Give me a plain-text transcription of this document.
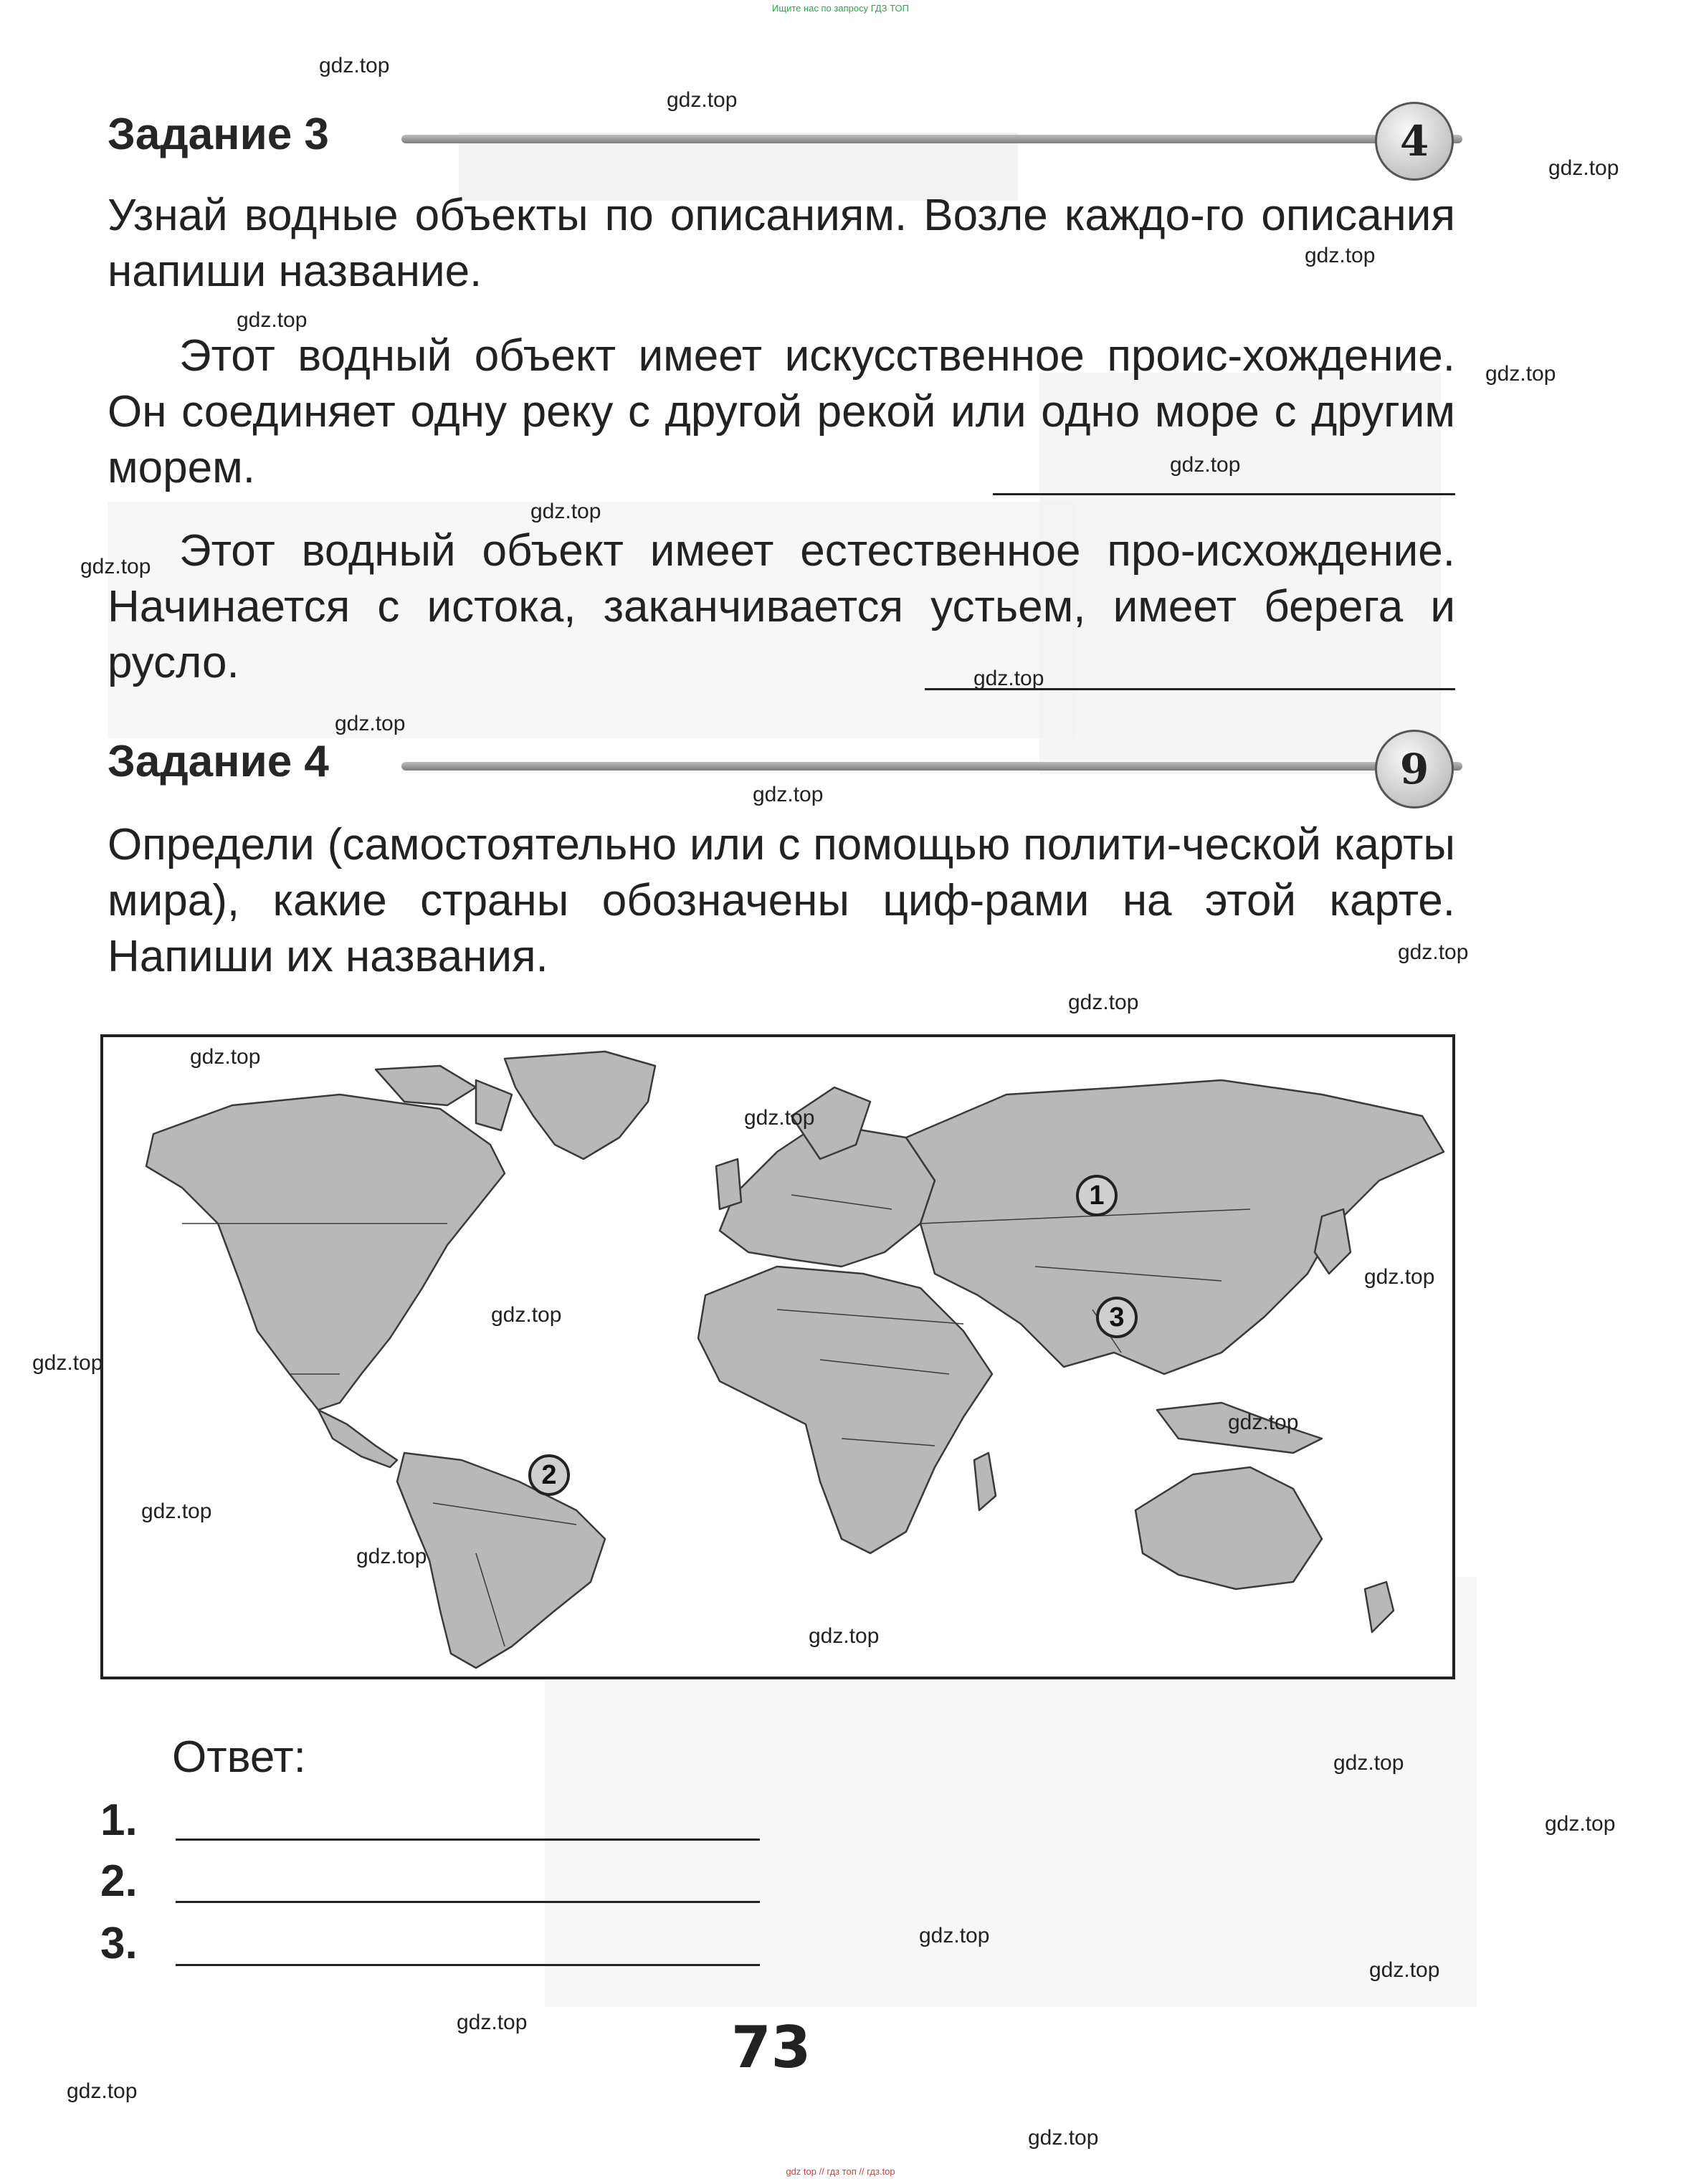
Ищите нас по запросу ГДЗ ТОП
Задание 3	4
Узнай водные объекты по описаниям. Возле каждо-го описания напиши название.
Этот водный объект имеет искусственное проис-хождение. Он соединяет одну реку с другой рекой или одно море с другим морем.
Этот водный объект имеет естественное про-исхождение. Начинается с истока, заканчивается устьем, имеет берега и русло.
Задание 4	9
Определи (самостоятельно или с помощью полити-ческой карты мира), какие страны обозначены циф-рами на этой карте. Напиши их названия.
1
2
3
Ответ:
1.
2.
3.
73
gdz.top
gdz.top
gdz.top
gdz.top
gdz.top
gdz.top
gdz.top
gdz.top
gdz.top
gdz.top
gdz.top
gdz.top
gdz.top
gdz.top
gdz.top
gdz.top
gdz.top
gdz.top
gdz.top
gdz.top
gdz.top
gdz.top
gdz.top
gdz.top
gdz.top
gdz.top
gdz.top
gdz.top
gdz.top
gdz.top
gdz top // гдз топ // гдз.top
